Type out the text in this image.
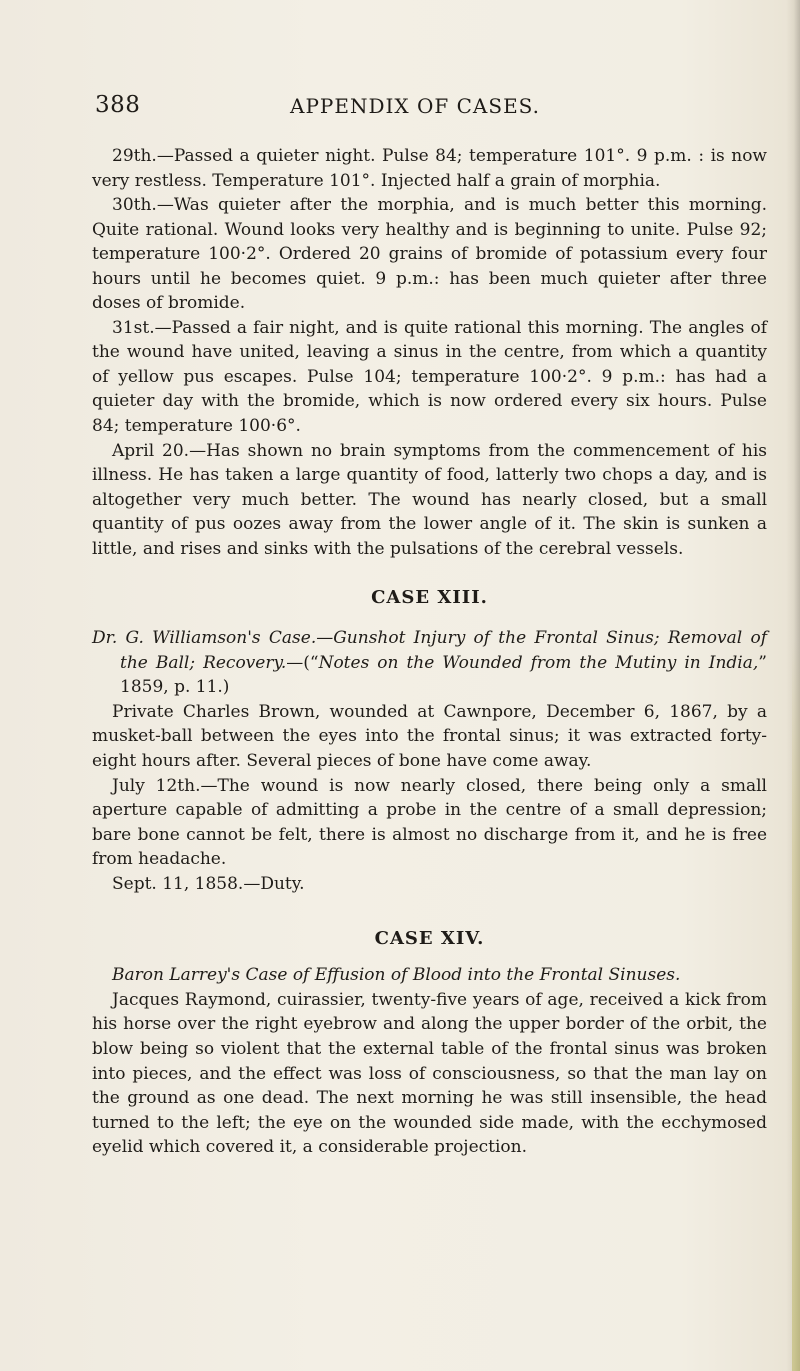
388	APPENDIX OF CASES.

29th.—Passed a quieter night. Pulse 84; temperature 101°. 9 p.m. : is now very restless. Temperature 101°. Injected half a grain of morphia.

30th.—Was quieter after the morphia, and is much better this morning. Quite rational. Wound looks very healthy and is beginning to unite. Pulse 92; temperature 100·2°. Ordered 20 grains of bromide of potassium every four hours until he becomes quiet. 9 p.m.: has been much quieter after three doses of bromide.

31st.—Passed a fair night, and is quite rational this morning. The angles of the wound have united, leaving a sinus in the centre, from which a quantity of yellow pus escapes. Pulse 104; temperature 100·2°. 9 p.m.: has had a quieter day with the bromide, which is now ordered every six hours. Pulse 84; temperature 100·6°.

April 20.—Has shown no brain symptoms from the commencement of his illness. He has taken a large quantity of food, latterly two chops a day, and is altogether very much better. The wound has nearly closed, but a small quantity of pus oozes away from the lower angle of it. The skin is sunken a little, and rises and sinks with the pulsations of the cerebral vessels.

CASE XIII.

Dr. G. Williamson's Case.—Gunshot Injury of the Frontal Sinus; Removal of the Ball; Recovery.—(“Notes on the Wounded from the Mutiny in India,” 1859, p. 11.)

Private Charles Brown, wounded at Cawnpore, December 6, 1867, by a musket-ball between the eyes into the frontal sinus; it was extracted forty-eight hours after. Several pieces of bone have come away.

July 12th.—The wound is now nearly closed, there being only a small aperture capable of admitting a probe in the centre of a small depression; bare bone cannot be felt, there is almost no discharge from it, and he is free from headache.

Sept. 11, 1858.—Duty.

CASE XIV.

Baron Larrey's Case of Effusion of Blood into the Frontal Sinuses.

Jacques Raymond, cuirassier, twenty-five years of age, received a kick from his horse over the right eyebrow and along the upper border of the orbit, the blow being so violent that the external table of the frontal sinus was broken into pieces, and the effect was loss of consciousness, so that the man lay on the ground as one dead. The next morning he was still insensible, the head turned to the left; the eye on the wounded side made, with the ecchymosed eyelid which covered it, a considerable projection.
